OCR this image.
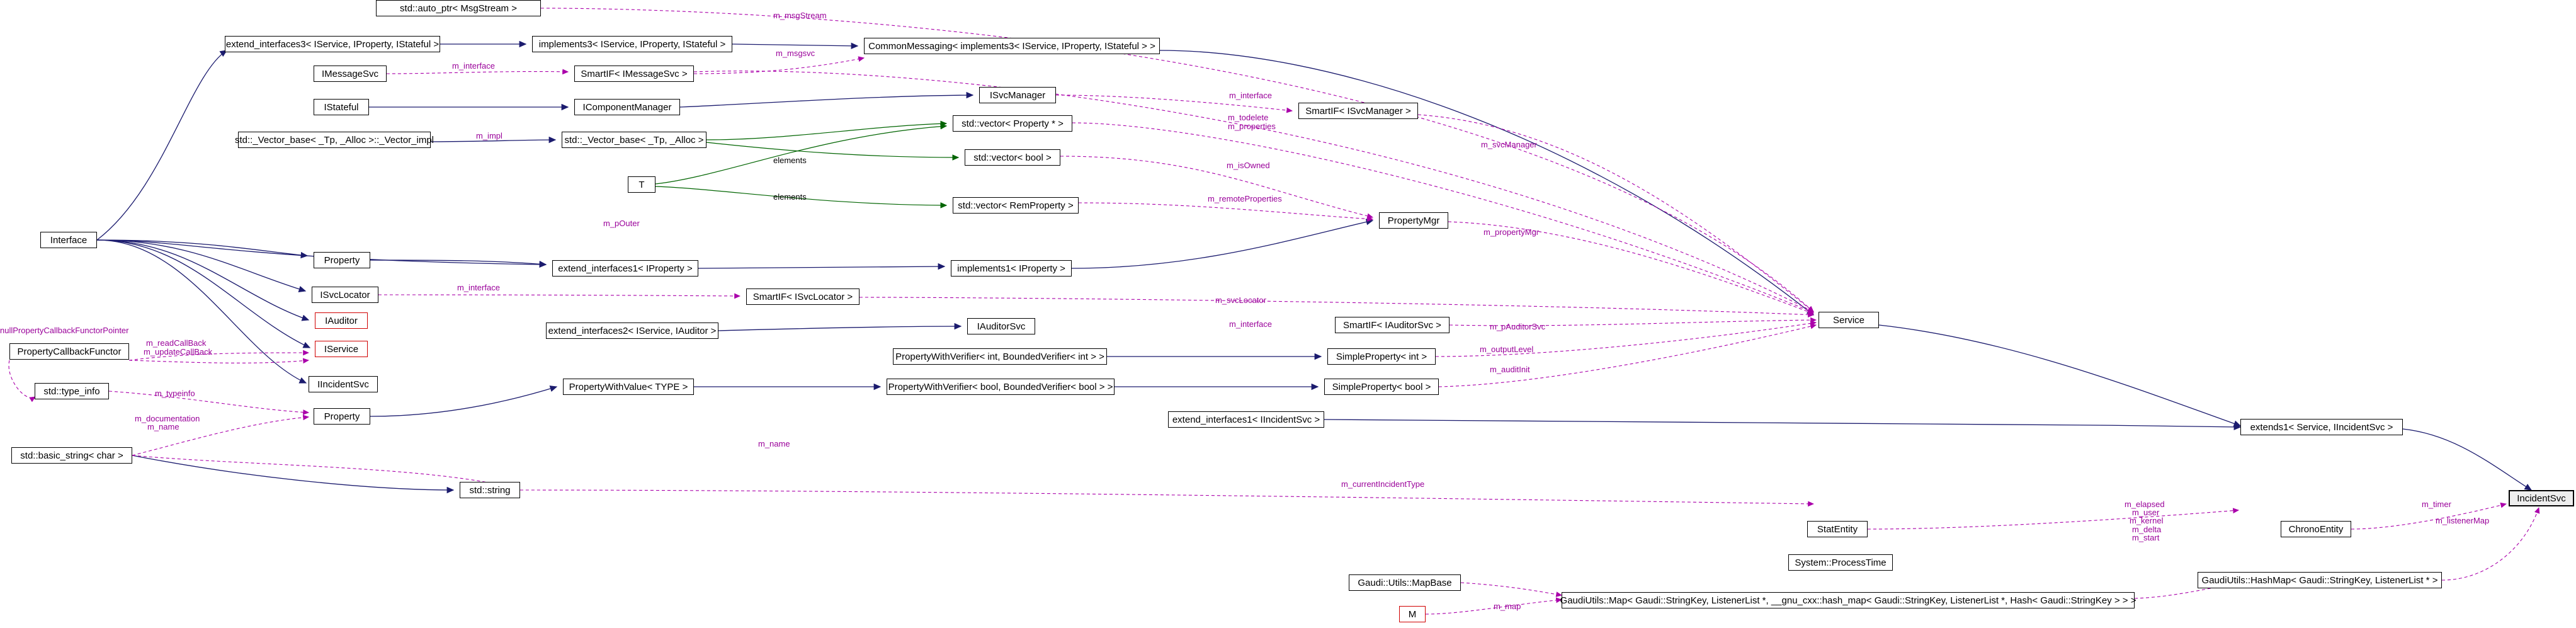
std::auto_ptr< MsgStream >
extend_interfaces3< IService, IProperty, IStateful >	implements3< IService, IProperty, IStateful >	CommonMessaging< implements3< IService, IProperty, IStateful > >
IMessageSvc	SmartIF< IMessageSvc >
IStateful	IComponentManager
ISvcManager
SmartIF< ISvcManager >
std::_Vector_base< _Tp, _Alloc >::_Vector_impl	std::_Vector_base< _Tp, _Alloc >
std::vector< Property * >
std::vector< bool >
T
std::vector< RemProperty >
PropertyMgr
Interface
Property
extend_interfaces1< IProperty >	implements1< IProperty >
ISvcLocator	SmartIF< ISvcLocator >
IAuditor
extend_interfaces2< IService, IAuditor >	IAuditorSvc	SmartIF< IAuditorSvc >
IService
PropertyWithVerifier< int, BoundedVerifier< int > >	SimpleProperty< int >
Service
PropertyCallbackFunctor
IIncidentSvc	PropertyWithValue< TYPE >	PropertyWithVerifier< bool, BoundedVerifier< bool > >	SimpleProperty< bool >
std::type_info
Property	extend_interfaces1< IIncidentSvc >
extends1< Service, IIncidentSvc >
std::basic_string< char >
std::string
IncidentSvc
StatEntity	ChronoEntity
System::ProcessTime
GaudiUtils::HashMap< Gaudi::StringKey, ListenerList * >
Gaudi::Utils::MapBase
GaudiUtils::Map< Gaudi::StringKey, ListenerList *, __gnu_cxx::hash_map< Gaudi::StringKey, ListenerList *, Hash< Gaudi::StringKey > > >
M
m_msgStream
m_msgsvc
m_interface
m_interface
m_svcManager
m_todelete
m_properties
m_impl
elements
elements
m_isOwned
m_remoteProperties
m_propertyMgr
m_pOuter
m_interface
m_svcLocator
m_interface	m_pAuditorSvc
m_outputLevel
m_auditInit
nullPropertyCallbackFunctorPointer
m_readCallBack
m_updateCallBack
m_typeinfo
m_documentation
m_name
m_name
m_currentIncidentType
m_timer
m_listenerMap
m_elapsed
m_user
m_kernel
m_delta
m_start
m_map
